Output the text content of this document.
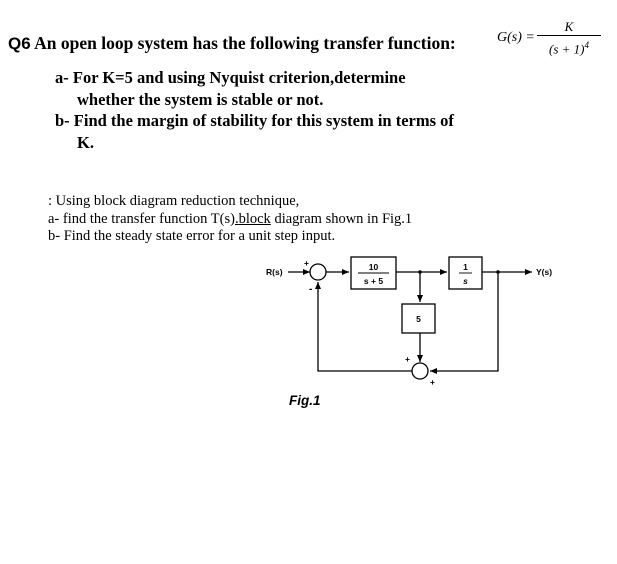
Q6 An open loop system has the following transfer function:	G(s) =
K
$(s + 1)^4$
a- For K=5 and using Nyquist criterion,determine
whether the system is stable or not.
b- Find the margin of stability for this system in terms of
K.
: Using block diagram reduction technique,
a- find the transfer function T(s).block diagram shown in Fig.1
b- Find the steady state error for a unit step input.
R(s)	Y(s)
10
s + 5
1
s
5
+
-
+
+
Fig.1
